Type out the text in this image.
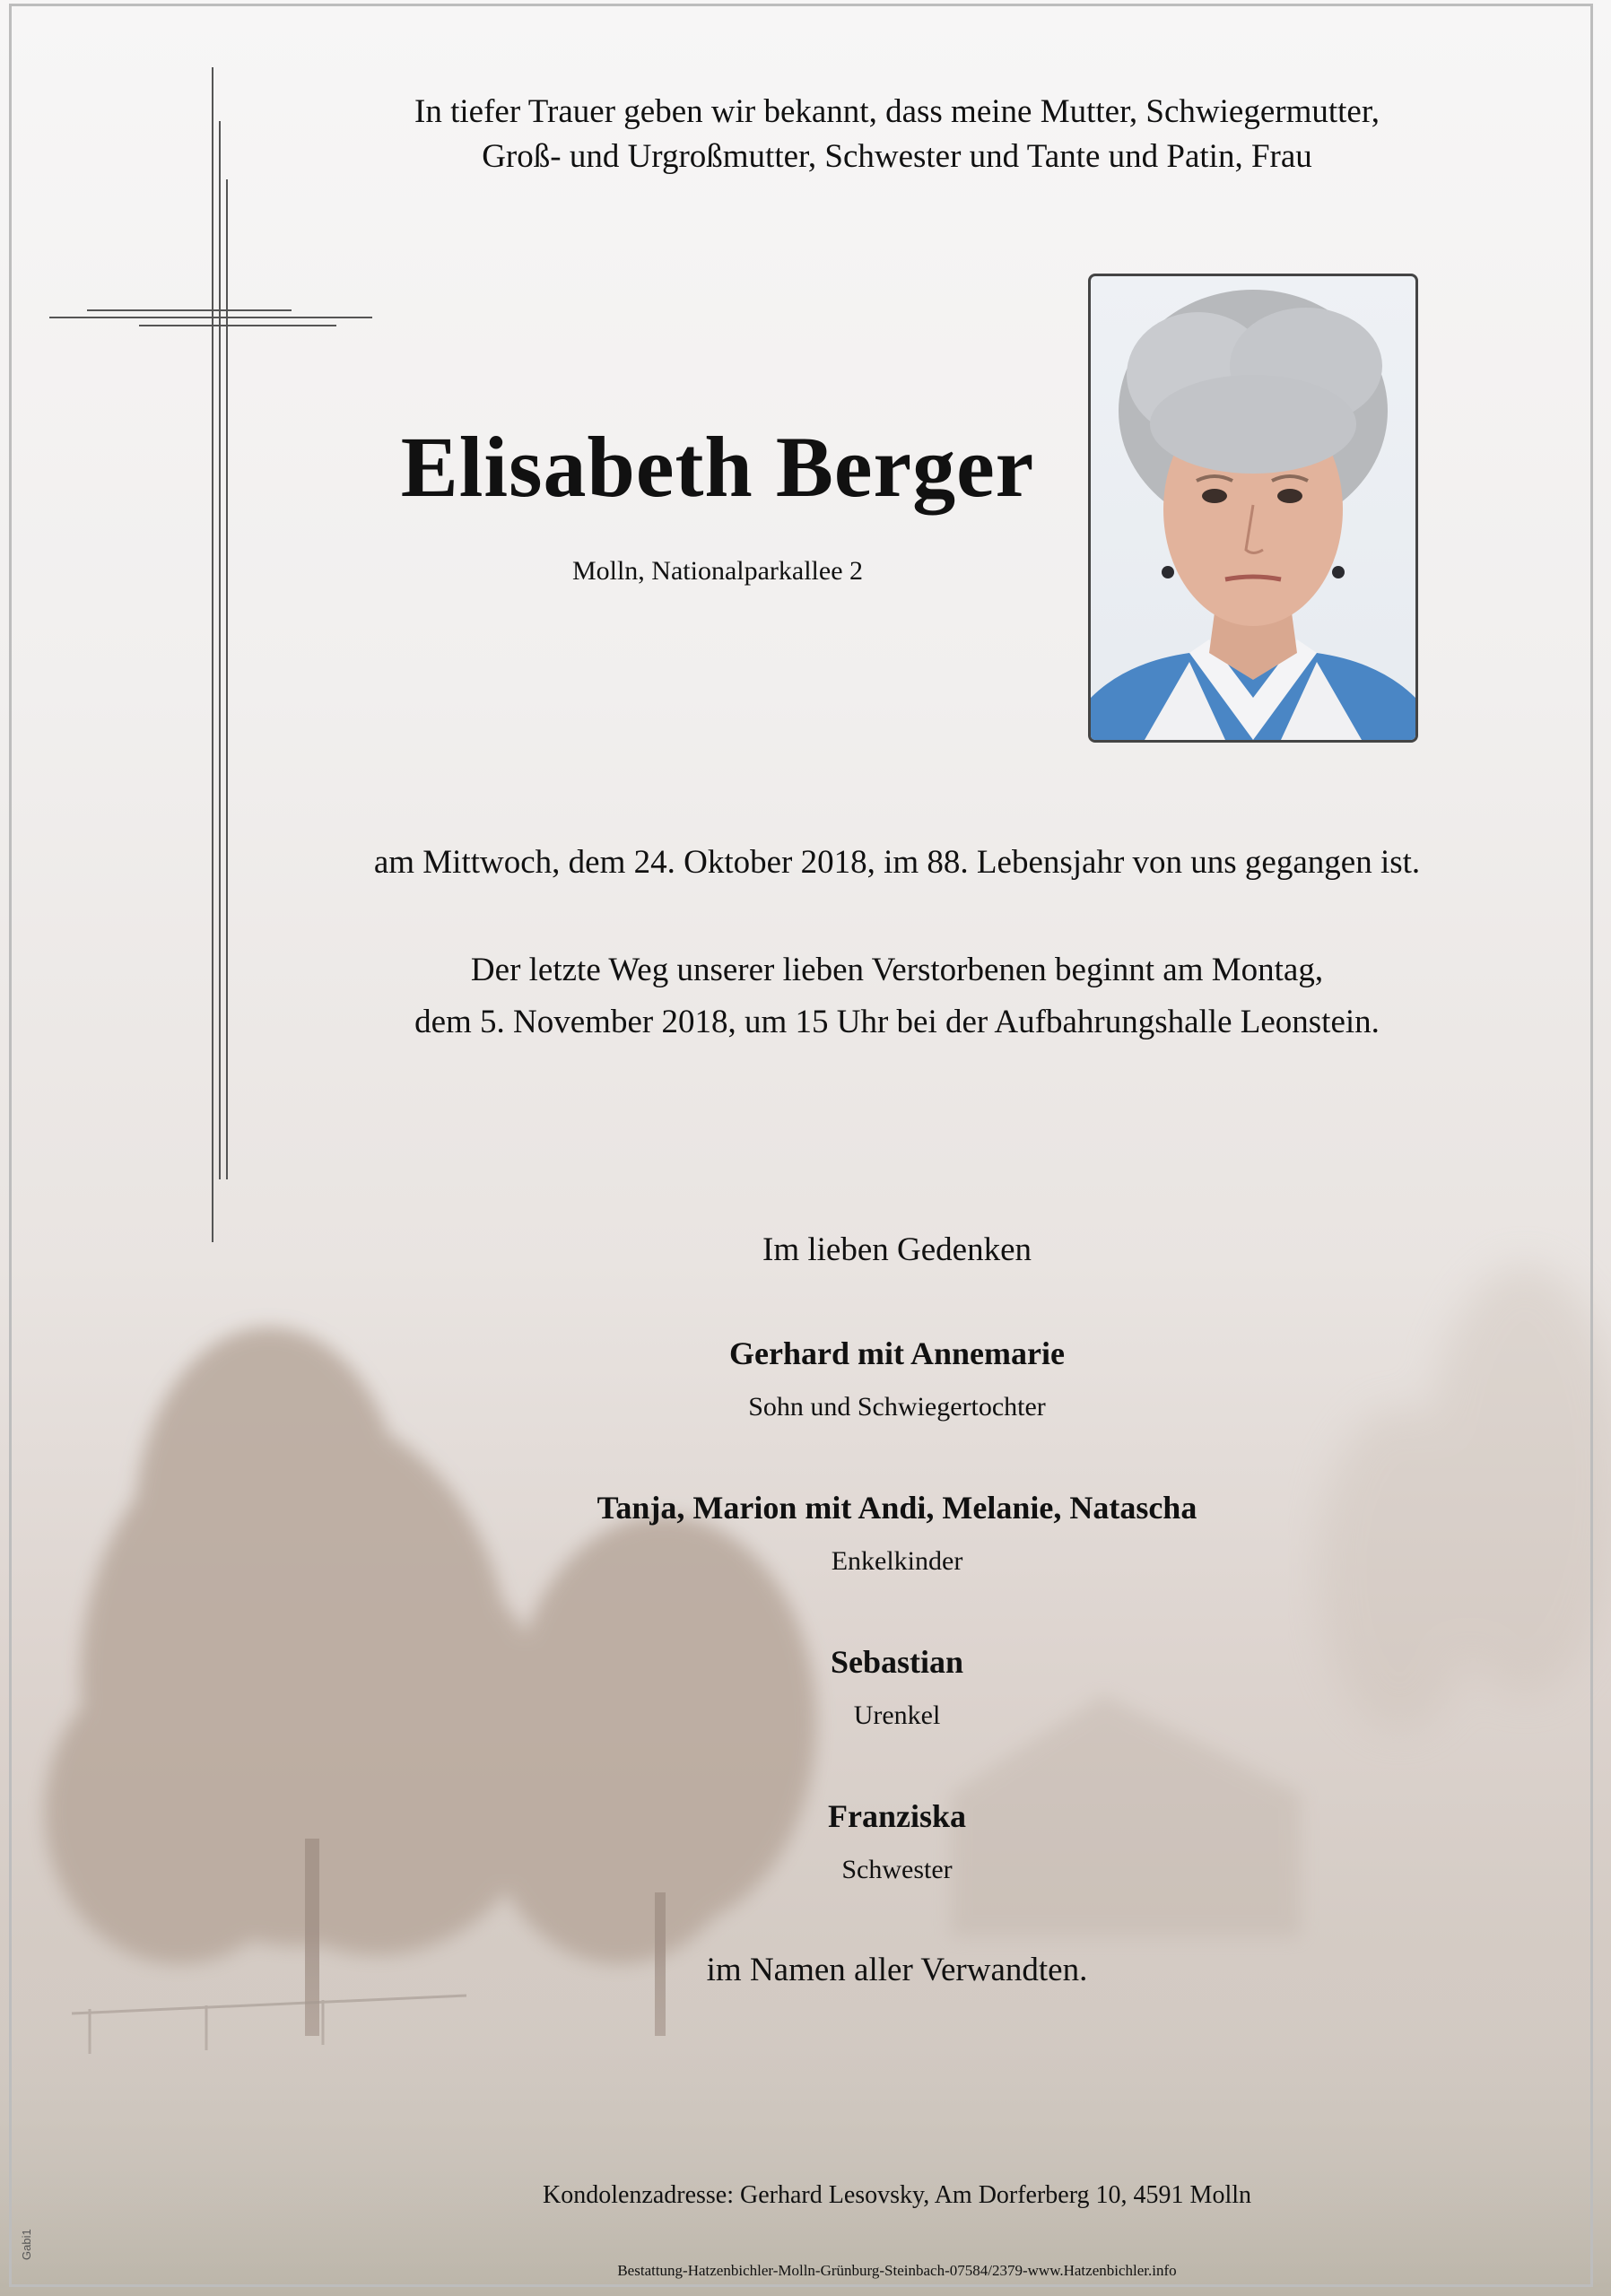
In tiefer Trauer geben wir bekannt, dass meine Mutter, Schwiegermutter,
Groß- und Urgroßmutter, Schwester und Tante und Patin, Frau
Elisabeth Berger
Molln, Nationalparkallee 2
am Mittwoch, dem 24. Oktober 2018, im 88. Lebensjahr von uns gegangen ist.
Der letzte Weg unserer lieben Verstorbenen beginnt am Montag,
dem 5. November 2018, um 15 Uhr bei der Aufbahrungshalle Leonstein.
Im lieben Gedenken
Gerhard mit Annemarie
Sohn und Schwiegertochter
Tanja, Marion mit Andi, Melanie, Natascha
Enkelkinder
Sebastian
Urenkel
Franziska
Schwester
im Namen aller Verwandten.
Kondolenzadresse: Gerhard Lesovsky, Am Dorferberg 10, 4591 Molln
Bestattung-Hatzenbichler-Molln-Grünburg-Steinbach-07584/2379-www.Hatzenbichler.info
Gabi1
